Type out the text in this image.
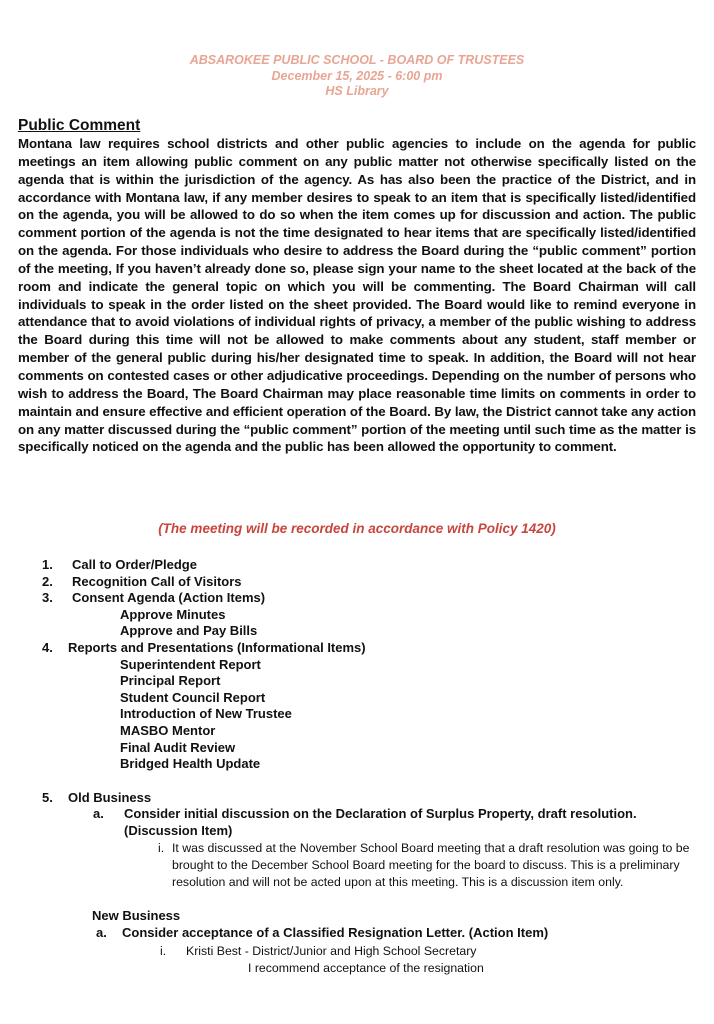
ABSAROKEE PUBLIC SCHOOL - BOARD OF TRUSTEES
December 15, 2025 - 6:00 pm
HS Library
Public Comment
Montana law requires school districts and other public agencies to include on the agenda for public meetings an item allowing public comment on any public matter not otherwise specifically listed on the agenda that is within the jurisdiction of the agency. As has also been the practice of the District, and in accordance with Montana law, if any member desires to speak to an item that is specifically listed/identified on the agenda, you will be allowed to do so when the item comes up for discussion and action. The public comment portion of the agenda is not the time designated to hear items that are specifically listed/identified on the agenda. For those individuals who desire to address the Board during the “public comment” portion of the meeting, If you haven’t already done so, please sign your name to the sheet located at the back of the room and indicate the general topic on which you will be commenting. The Board Chairman will call individuals to speak in the order listed on the sheet provided. The Board would like to remind everyone in attendance that to avoid violations of individual rights of privacy, a member of the public wishing to address the Board during this time will not be allowed to make comments about any student, staff member or member of the general public during his/her designated time to speak. In addition, the Board will not hear comments on contested cases or other adjudicative proceedings. Depending on the number of persons who wish to address the Board, The Board Chairman may place reasonable time limits on comments in order to maintain and ensure effective and efficient operation of the Board. By law, the District cannot take any action on any matter discussed during the “public comment” portion of the meeting until such time as the matter is specifically noticed on the agenda and the public has been allowed the opportunity to comment.
(The meeting will be recorded in accordance with Policy 1420)
1. Call to Order/Pledge
2. Recognition Call of Visitors
3. Consent Agenda (Action Items)
Approve Minutes
Approve and Pay Bills
4. Reports and Presentations (Informational Items)
Superintendent Report
Principal Report
Student Council Report
Introduction of New Trustee
MASBO Mentor
Final Audit Review
Bridged Health Update
5. Old Business
a. Consider initial discussion on the Declaration of Surplus Property, draft resolution. (Discussion Item)
i. It was discussed at the November School Board meeting that a draft resolution was going to be brought to the December School Board meeting for the board to discuss. This is a preliminary resolution and will not be acted upon at this meeting. This is a discussion item only.
New Business
a. Consider acceptance of a Classified Resignation Letter. (Action Item)
i. Kristi Best - District/Junior and High School Secretary
I recommend acceptance of the resignation
